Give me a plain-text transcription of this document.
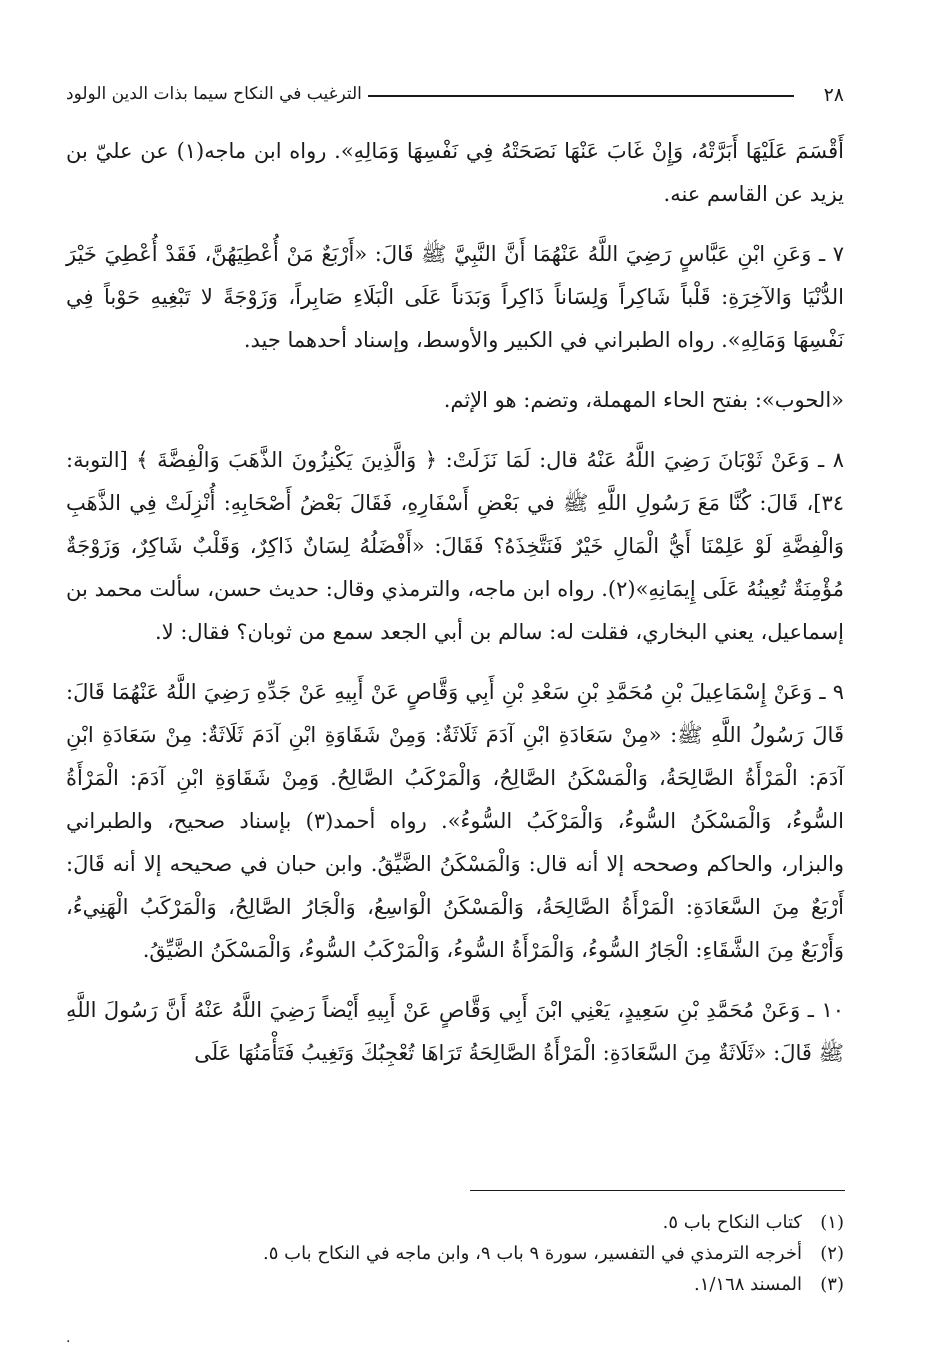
٢٨
الترغيب في النكاح سيما بذات الدين الولود

أَقْسَمَ عَلَيْهَا أَبَرَّتْهُ، وَإِنْ غَابَ عَنْهَا نَصَحَتْهُ فِي نَفْسِهَا وَمَالِهِ». رواه ابن ماجه(١) عن عليّ بن يزيد عن القاسم عنه.

٧ ـ وَعَنِ ابْنِ عَبَّاسٍ رَضِيَ اللَّهُ عَنْهُمَا أَنَّ النَّبِيَّ ﷺ قَالَ: «أَرْبَعٌ مَنْ أُعْطِيَهُنَّ، فَقَدْ أُعْطِيَ خَيْرَ الدُّنْيَا وَالآخِرَةِ: قَلْباً شَاكِراً وَلِسَاناً ذَاكِراً وَبَدَناً عَلَى الْبَلَاءِ صَابِراً، وَزَوْجَةً لا تَبْغِيهِ حَوْباً فِي نَفْسِهَا وَمَالِهِ». رواه الطبراني في الكبير والأوسط، وإسناد أحدهما جيد.

«الحوب»: بفتح الحاء المهملة، وتضم: هو الإثم.

٨ ـ وَعَنْ ثَوْبَانَ رَضِيَ اللَّهُ عَنْهُ قال: لَمَا نَزَلَتْ: ﴿ وَالَّذِينَ يَكْنِزُونَ الذَّهَبَ وَالْفِضَّةَ ﴾ [التوبة: ٣٤]، قَالَ: كُنَّا مَعَ رَسُولِ اللَّهِ ﷺ في بَعْضِ أَسْفَارِهِ، فَقَالَ بَعْضُ أَصْحَابِهِ: أُنْزِلَتْ فِي الذَّهَبِ وَالْفِضَّةِ لَوْ عَلِمْنَا أَيُّ الْمَالِ خَيْرٌ فَنَتَّخِذَهُ؟ فَقَالَ: «أَفْضَلُهُ لِسَانٌ ذَاكِرٌ، وَقَلْبٌ شَاكِرٌ، وَزَوْجَةٌ مُؤْمِنَةٌ تُعِينُهُ عَلَى إِيمَانِهِ»(٢). رواه ابن ماجه، والترمذي وقال: حديث حسن، سألت محمد بن إسماعيل، يعني البخاري، فقلت له: سالم بن أبي الجعد سمع من ثوبان؟ فقال: لا.

٩ ـ وَعَنْ إِسْمَاعِيلَ بْنِ مُحَمَّدِ بْنِ سَعْدِ بْنِ أَبِي وَقَّاصٍ عَنْ أَبِيهِ عَنْ جَدِّهِ رَضِيَ اللَّهُ عَنْهُمَا قَالَ: قَالَ رَسُولُ اللَّهِ ﷺ: «مِنْ سَعَادَةِ ابْنِ آدَمَ ثَلَاثَةٌ: وَمِنْ شَقَاوَةِ ابْنِ آدَمَ ثَلَاثَةٌ: مِنْ سَعَادَةِ ابْنِ آدَمَ: الْمَرْأَةُ الصَّالِحَةُ، وَالْمَسْكَنُ الصَّالِحُ، وَالْمَرْكَبُ الصَّالِحُ. وَمِنْ شَقَاوَةِ ابْنِ آدَمَ: الْمَرْأَةُ السُّوءُ، وَالْمَسْكَنُ السُّوءُ، وَالْمَرْكَبُ السُّوءُ». رواه أحمد(٣) بإسناد صحيح، والطبراني والبزار، والحاكم وصححه إلا أنه قال: وَالْمَسْكَنُ الضَّيِّقُ. وابن حبان في صحيحه إلا أنه قَالَ: أَرْبَعٌ مِنَ السَّعَادَةِ: الْمَرْأَةُ الصَّالِحَةُ، وَالْمَسْكَنُ الْوَاسِعُ، وَالْجَارُ الصَّالِحُ، وَالْمَرْكَبُ الْهَنِيءُ، وَأَرْبَعٌ مِنَ الشَّقَاءِ: الْجَارُ السُّوءُ، وَالْمَرْأَةُ السُّوءُ، وَالْمَرْكَبُ السُّوءُ، وَالْمَسْكَنُ الضَّيِّقُ.

١٠ ـ وَعَنْ مُحَمَّدِ بْنِ سَعِيدٍ، يَعْنِي ابْنَ أَبِي وَقَّاصٍ عَنْ أَبِيهِ أَيْضاً رَضِيَ اللَّهُ عَنْهُ أَنَّ رَسُولَ اللَّهِ ﷺ قَالَ: «ثَلَاثَةٌ مِنَ السَّعَادَةِ: الْمَرْأَةُ الصَّالِحَةُ تَرَاهَا تُعْجِبُكَ وَتَغِيبُ فَتَأْمَنُهَا عَلَى

(١)
كتاب النكاح باب ٥.
(٢)
أخرجه الترمذي في التفسير، سورة ٩ باب ٩، وابن ماجه في النكاح باب ٥.
(٣)
المسند ١/١٦٨.
.
